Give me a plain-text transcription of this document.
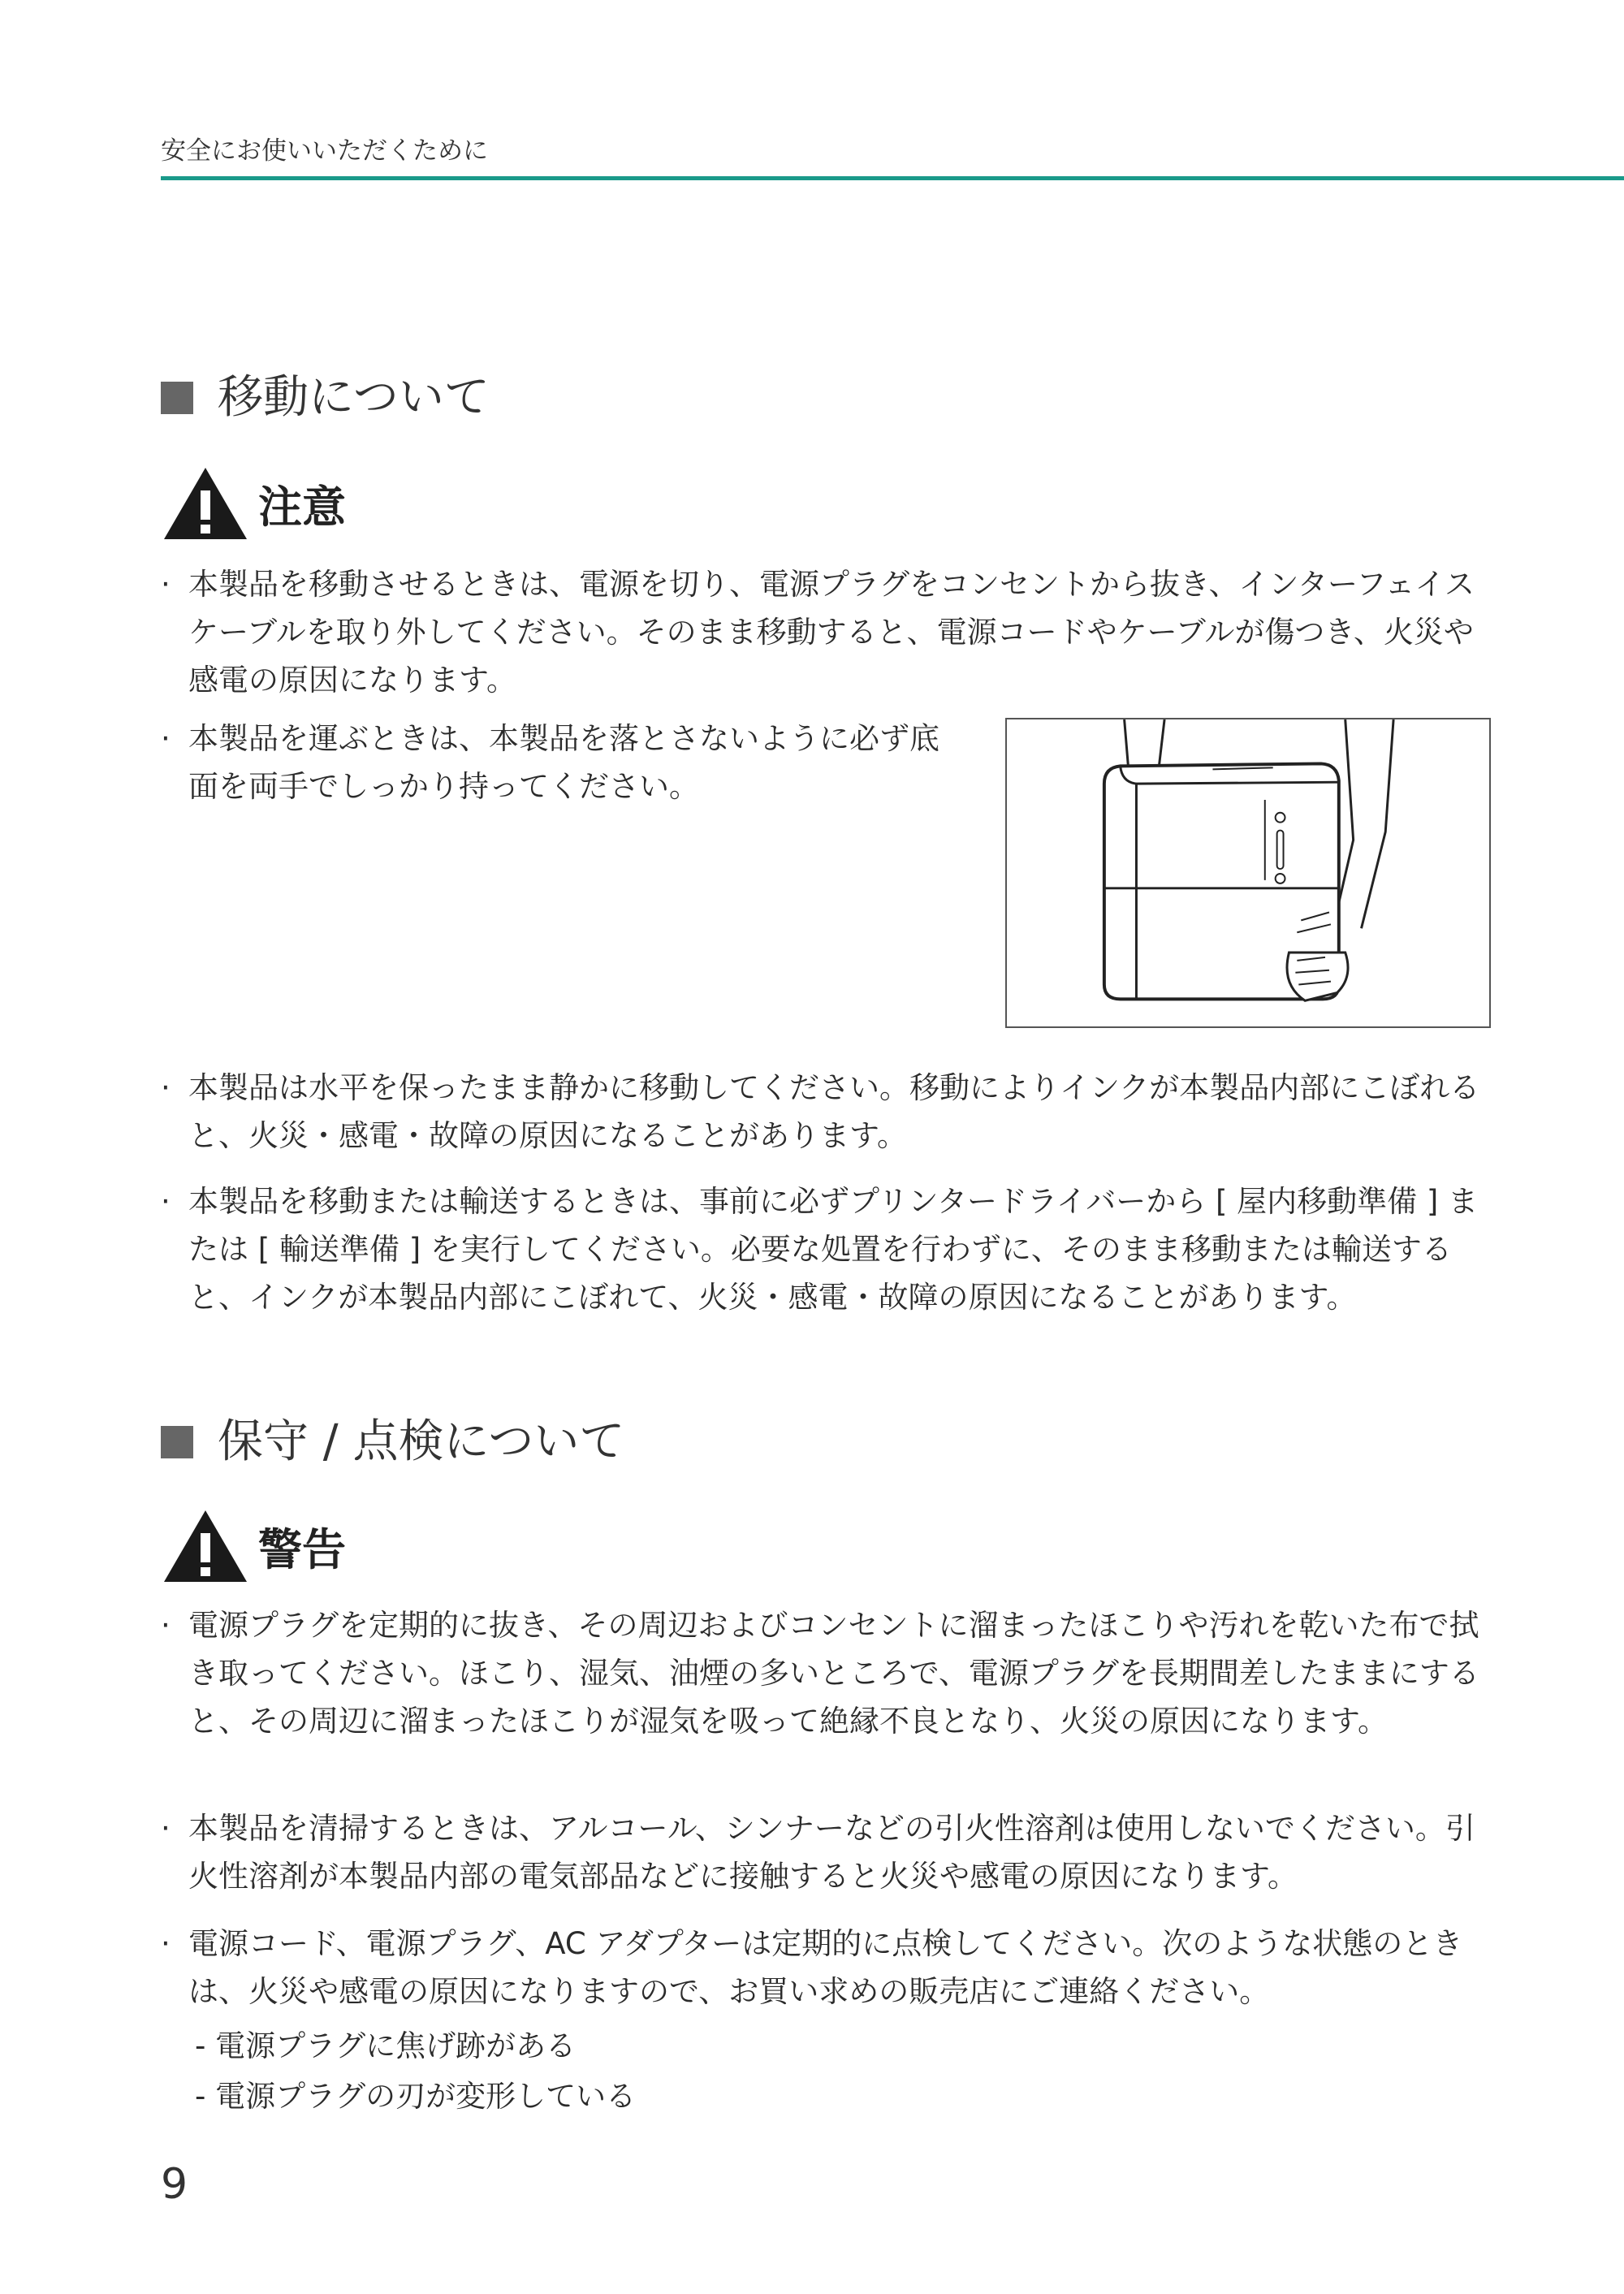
安全にお使いいただくために
移動について
注意
· 本製品を移動させるときは、電源を切り、電源プラグをコンセントから抜き、インターフェイスケーブルを取り外してください。そのまま移動すると、電源コードやケーブルが傷つき、火災や感電の原因になります。
· 本製品を運ぶときは、本製品を落とさないように必ず底面を両手でしっかり持ってください。
· 本製品は水平を保ったまま静かに移動してください。移動によりインクが本製品内部にこぼれると、火災・感電・故障の原因になることがあります。
· 本製品を移動または輸送するときは、事前に必ずプリンタードライバーから [ 屋内移動準備 ] または [ 輸送準備 ] を実行してください。必要な処置を行わずに、そのまま移動または輸送すると、インクが本製品内部にこぼれて、火災・感電・故障の原因になることがあります。
保守 / 点検について
警告
· 電源プラグを定期的に抜き、その周辺およびコンセントに溜まったほこりや汚れを乾いた布で拭き取ってください。ほこり、湿気、油煙の多いところで、電源プラグを長期間差したままにすると、その周辺に溜まったほこりが湿気を吸って絶縁不良となり、火災の原因になります。
· 本製品を清掃するときは、アルコール、シンナーなどの引火性溶剤は使用しないでください。引火性溶剤が本製品内部の電気部品などに接触すると火災や感電の原因になります。
· 電源コード、電源プラグ、AC アダプターは定期的に点検してください。次のような状態のときは、火災や感電の原因になりますので、お買い求めの販売店にご連絡ください。
- 電源プラグに焦げ跡がある
- 電源プラグの刃が変形している
9
